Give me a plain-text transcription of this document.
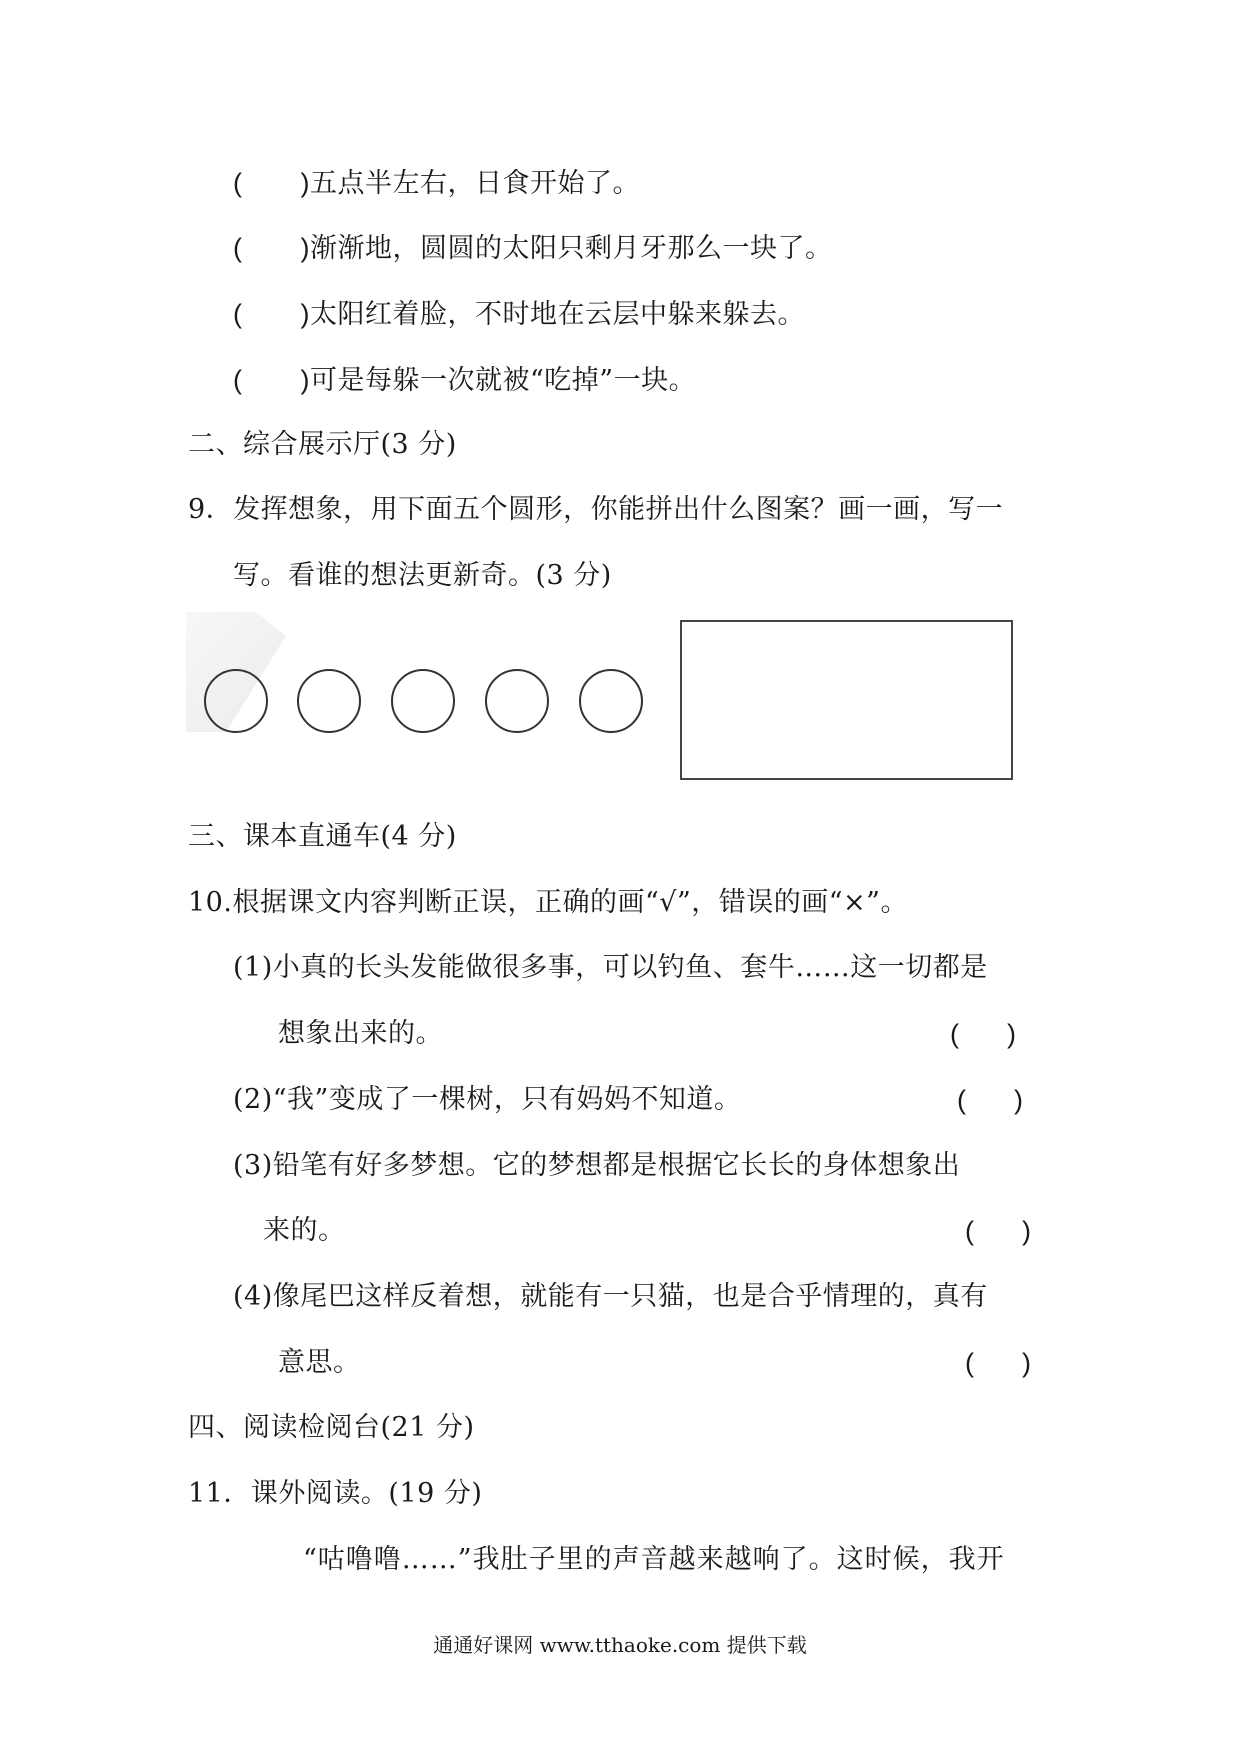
( )五点半左右，日食开始了。
( )渐渐地，圆圆的太阳只剩月牙那么一块了。
( )太阳红着脸，不时地在云层中躲来躲去。
( )可是每躲一次就被“吃掉”一块。
二、综合展示厅(3 分)
9．发挥想象，用下面五个圆形，你能拼出什么图案？画一画，写一
写。看谁的想法更新奇。(3 分)
三、课本直通车(4 分)
10.根据课文内容判断正误，正确的画“√”，错误的画“×”。
(1)小真的长头发能做很多事，可以钓鱼、套牛……这一切都是
想象出来的。	( )
(2)“我”变成了一棵树，只有妈妈不知道。	( )
(3)铅笔有好多梦想。它的梦想都是根据它长长的身体想象出
来的。	( )
(4)像尾巴这样反着想，就能有一只猫，也是合乎情理的，真有
意思。	( )
四、阅读检阅台(21 分)
11．课外阅读。(19 分)
“咕噜噜……”我肚子里的声音越来越响了。这时候，我开
通通好课网 www.tthaoke.com 提供下载
